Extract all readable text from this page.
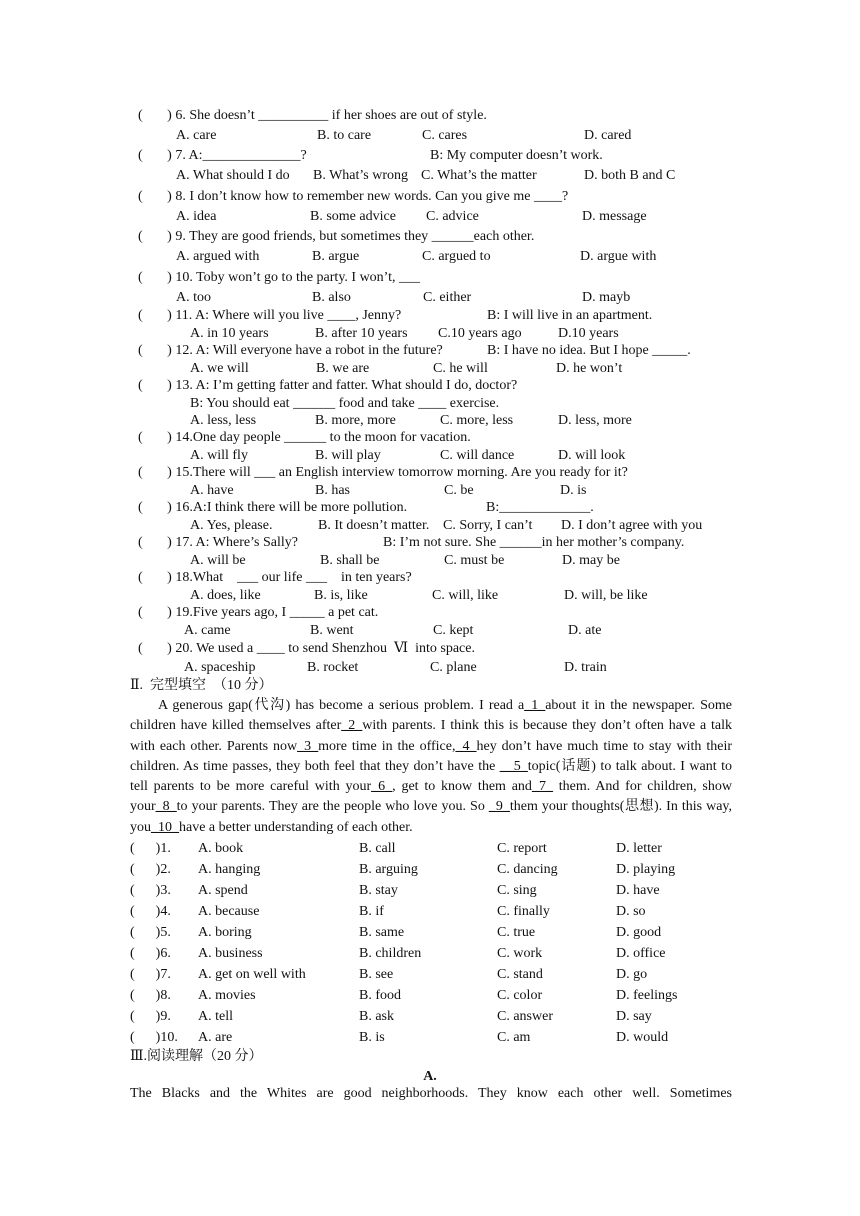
(       ) 6. She doesn’t __________ if her shoes are out of style.
A. care	B. to care	C. cares	D. cared
(       ) 7. A:______________?	B: My computer doesn’t work.
A. What should I do B. What’s wrong C. What’s the matter	D. both B and C
(       ) 8. I don’t know how to remember new words. Can you give me ____?
A. idea	B. some advice C. advice	D. message
(       ) 9. They are good friends, but sometimes they ______each other.
A. argued with	B. argue	C. argued to	D. argue with
(       ) 10. Toby won’t go to the party. I won’t, ___
A. too	B. also	C. either	D. mayb
(       ) 11. A: Where will you live ____, Jenny?	B: I will live in an apartment.
A. in 10 years	B. after 10 years C.10 years ago	D.10 years
(       ) 12. A: Will everyone have a robot in the future?	B: I have no idea. But I hope _____.
A. we will	B. we are	C. he will	D. he won’t
(       ) 13. A: I’m getting fatter and fatter. What should I do, doctor?
B: You should eat ______ food and take ____ exercise.
A. less, less	B. more, more	C. more, less	D. less, more
(       ) 14.One day people ______ to the moon for vacation.
A. will fly	B. will play	C. will dance	D. will look
(       ) 15.There will ___ an English interview tomorrow morning. Are you ready for it?
A. have	B. has	C. be	D. is
(       ) 16.A:I think there will be more pollution.	B:_____________.
A. Yes, please.	B. It doesn’t matter. C. Sorry, I can’t D. I don’t agree with you
(       ) 17. A: Where’s Sally?	B: I’m not sure. She ______in her mother’s company.
A. will be	B. shall be	C. must be	D. may be
(       ) 18.What    ___ our life ___    in ten years?
A. does, like	B. is, like	C. will, like	D. will, be like
(       ) 19.Five years ago, I _____ a pet cat.
A. came	B. went	C. kept	D. ate
(       ) 20. We used a ____ to send Shenzhou  Ⅵ  into space.
A. spaceship	B. rocket	C. plane	D. train
Ⅱ.  完型填空  （10 分）
A generous gap(代沟) has become a serious problem. I read a_1_about it in the newspaper. Some children have killed themselves after_2_with parents. I think this is because they don’t often have a talk with each other. Parents now_3_more time in the office,_4_hey don’t have much time to stay with their children. As time passes, they both feel that they don’t have the __5_topic(话题) to talk about. I want to tell parents to be more careful with your_6_, get to know them and_7_ them. And for children, show your_8_to your parents. They are the people who love you. So _9_them your thoughts(思想). In this way, you_10_have a better understanding of each other.
(      )1. A. book	B. call	C. report	D. letter
(      )2. A. hanging	B. arguing	C. dancing	D. playing
(      )3. A. spend	B. stay	C. sing	D. have
(      )4. A. because	B. if	C. finally	D. so
(      )5. A. boring	B. same	C. true	D. good
(      )6. A. business	B. children	C. work	D. office
(      )7. A. get on well with	B. see	C. stand	D. go
(      )8. A. movies	B. food	C. color	D. feelings
(      )9. A. tell	B. ask	C. answer	D. say
(      )10. A. are	B. is	C. am	D. would
Ⅲ.阅读理解（20 分）
A.
The Blacks and the Whites are good neighborhoods. They know each other well. Sometimes
